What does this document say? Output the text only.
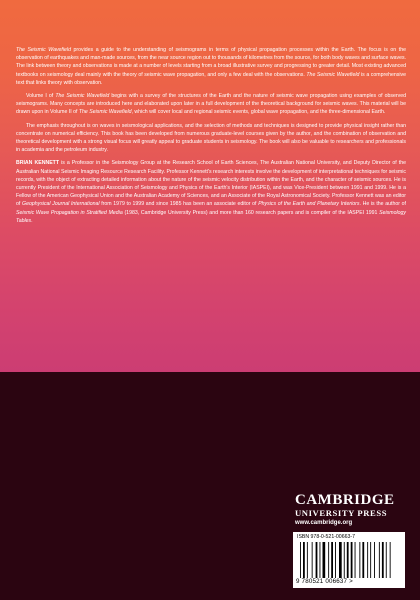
The Seismic Wavefield provides a guide to the understanding of seismograms in terms of physical propagation processes within the Earth. The focus is on the observation of earthquakes and man-made sources, from the near source region out to thousands of kilometres from the source, for both body waves and surface waves. The link between theory and observations is made at a number of levels starting from a broad illustrative survey and progressing to greater detail. Most existing advanced textbooks on seismology deal mainly with the theory of seismic wave propagation, and only a few deal with the observations. The Seismic Wavefield is a comprehensive text that links theory with observation.

Volume I of The Seismic Wavefield begins with a survey of the structures of the Earth and the nature of seismic wave propagation using examples of observed seismograms. Many concepts are introduced here and elaborated upon later in a full development of the theoretical background for seismic waves. This material will be drawn upon in Volume II of The Seismic Wavefield, which will cover local and regional seismic events, global wave propagation, and the three-dimensional Earth.

The emphasis throughout is on waves in seismological applications, and the selection of methods and techniques is designed to provide physical insight rather than concentrate on numerical efficiency. This book has been developed from numerous graduate-level courses given by the author, and the combination of observation and theoretical development with a strong visual focus will greatly appeal to graduate students in seismology. The book will also be valuable to researchers and professionals in academia and the petroleum industry.

BRIAN KENNETT is a Professor in the Seismology Group at the Research School of Earth Sciences, The Australian National University, and Deputy Director of the Australian National Seismic Imaging Resource Research Facility. Professor Kennett's research interests involve the development of interpretational techniques for seismic records, with the object of extracting detailed information about the nature of the seismic velocity distribution within the Earth, and the character of seismic sources. He is currently President of the International Association of Seismology and Physics of the Earth's Interior (IASPEI), and was Vice-President between 1991 and 1999. He is a Fellow of the American Geophysical Union and the Australian Academy of Sciences, and an Associate of the Royal Astronomical Society. Professor Kennett was an editor of Geophysical Journal International from 1979 to 1999 and since 1985 has been an associate editor of Physics of the Earth and Planetary Interiors. He is the author of Seismic Wave Propagation in Stratified Media (1983, Cambridge University Press) and more than 160 research papers and is compiler of the IASPEI 1991 Seismology Tables.

CAMBRIDGE
UNIVERSITY PRESS
www.cambridge.org
ISBN 978-0-521-00663-7
9 780521 006637 >
